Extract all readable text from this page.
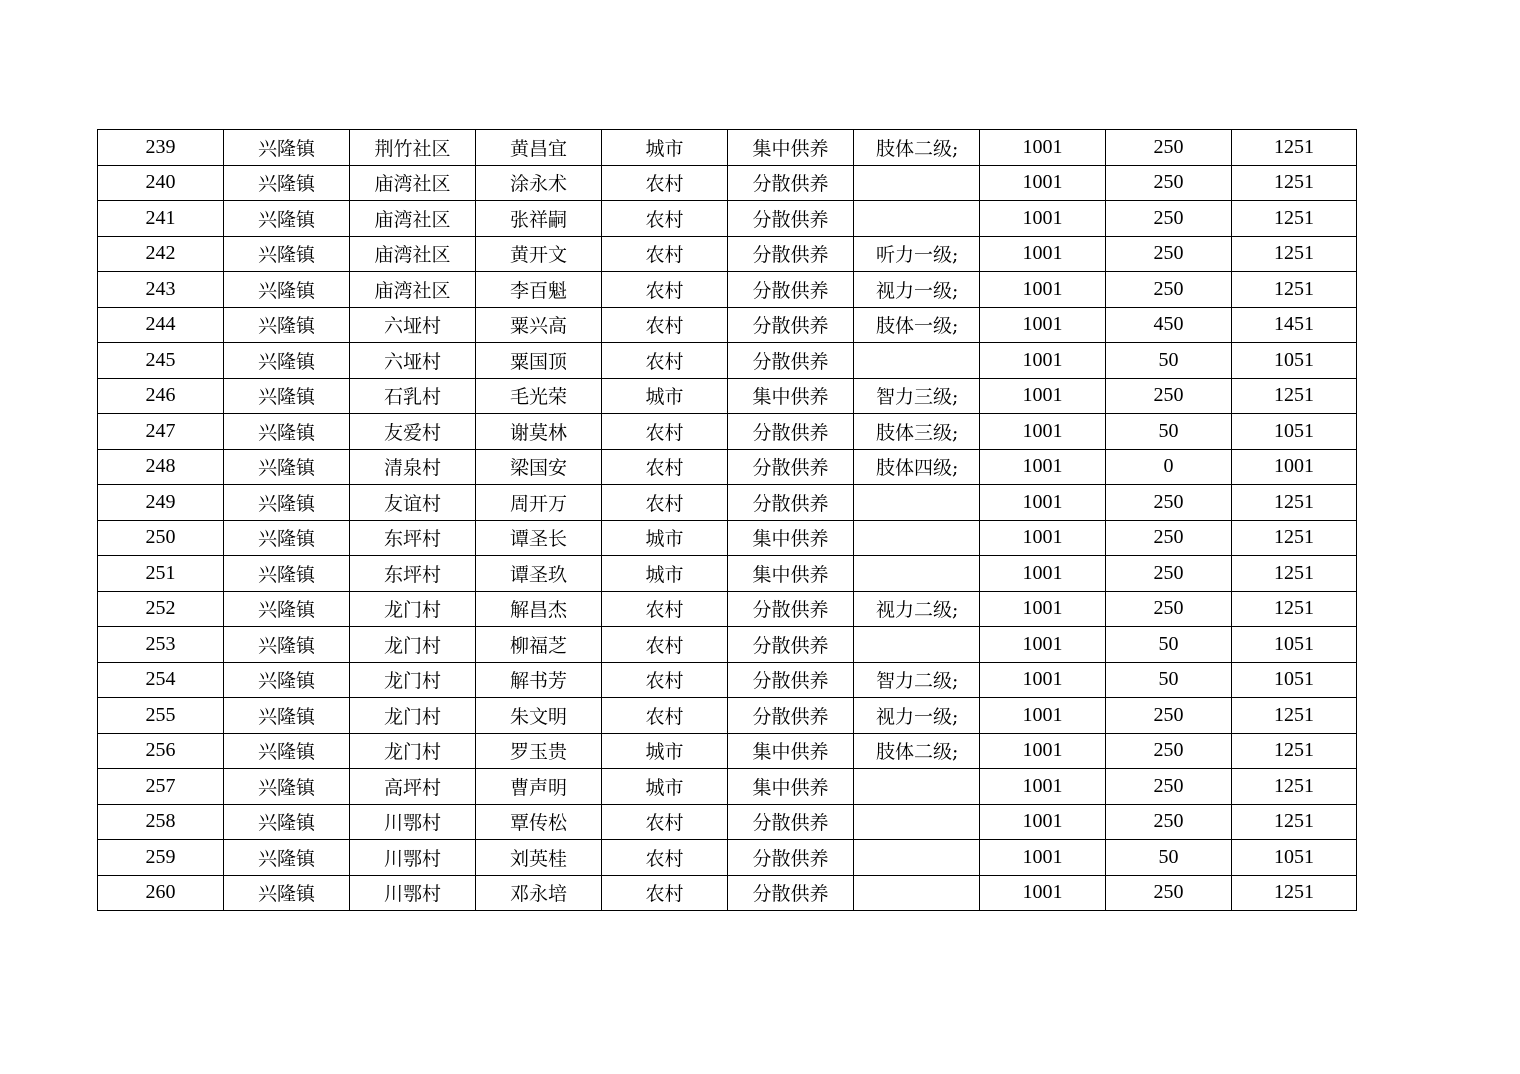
239	兴隆镇	荆竹社区	黄昌宜	城市	集中供养	肢体二级;	1001	250	1251
240	兴隆镇	庙湾社区	涂永术	农村	分散供养		1001	250	1251
241	兴隆镇	庙湾社区	张祥嗣	农村	分散供养		1001	250	1251
242	兴隆镇	庙湾社区	黄开文	农村	分散供养	听力一级;	1001	250	1251
243	兴隆镇	庙湾社区	李百魁	农村	分散供养	视力一级;	1001	250	1251
244	兴隆镇	六垭村	粟兴高	农村	分散供养	肢体一级;	1001	450	1451
245	兴隆镇	六垭村	粟国顶	农村	分散供养		1001	50	1051
246	兴隆镇	石乳村	毛光荣	城市	集中供养	智力三级;	1001	250	1251
247	兴隆镇	友爱村	谢莫林	农村	分散供养	肢体三级;	1001	50	1051
248	兴隆镇	清泉村	梁国安	农村	分散供养	肢体四级;	1001	0	1001
249	兴隆镇	友谊村	周开万	农村	分散供养		1001	250	1251
250	兴隆镇	东坪村	谭圣长	城市	集中供养		1001	250	1251
251	兴隆镇	东坪村	谭圣玖	城市	集中供养		1001	250	1251
252	兴隆镇	龙门村	解昌杰	农村	分散供养	视力二级;	1001	250	1251
253	兴隆镇	龙门村	柳福芝	农村	分散供养		1001	50	1051
254	兴隆镇	龙门村	解书芳	农村	分散供养	智力二级;	1001	50	1051
255	兴隆镇	龙门村	朱文明	农村	分散供养	视力一级;	1001	250	1251
256	兴隆镇	龙门村	罗玉贵	城市	集中供养	肢体二级;	1001	250	1251
257	兴隆镇	高坪村	曹声明	城市	集中供养		1001	250	1251
258	兴隆镇	川鄂村	覃传松	农村	分散供养		1001	250	1251
259	兴隆镇	川鄂村	刘英桂	农村	分散供养		1001	50	1051
260	兴隆镇	川鄂村	邓永培	农村	分散供养		1001	250	1251
